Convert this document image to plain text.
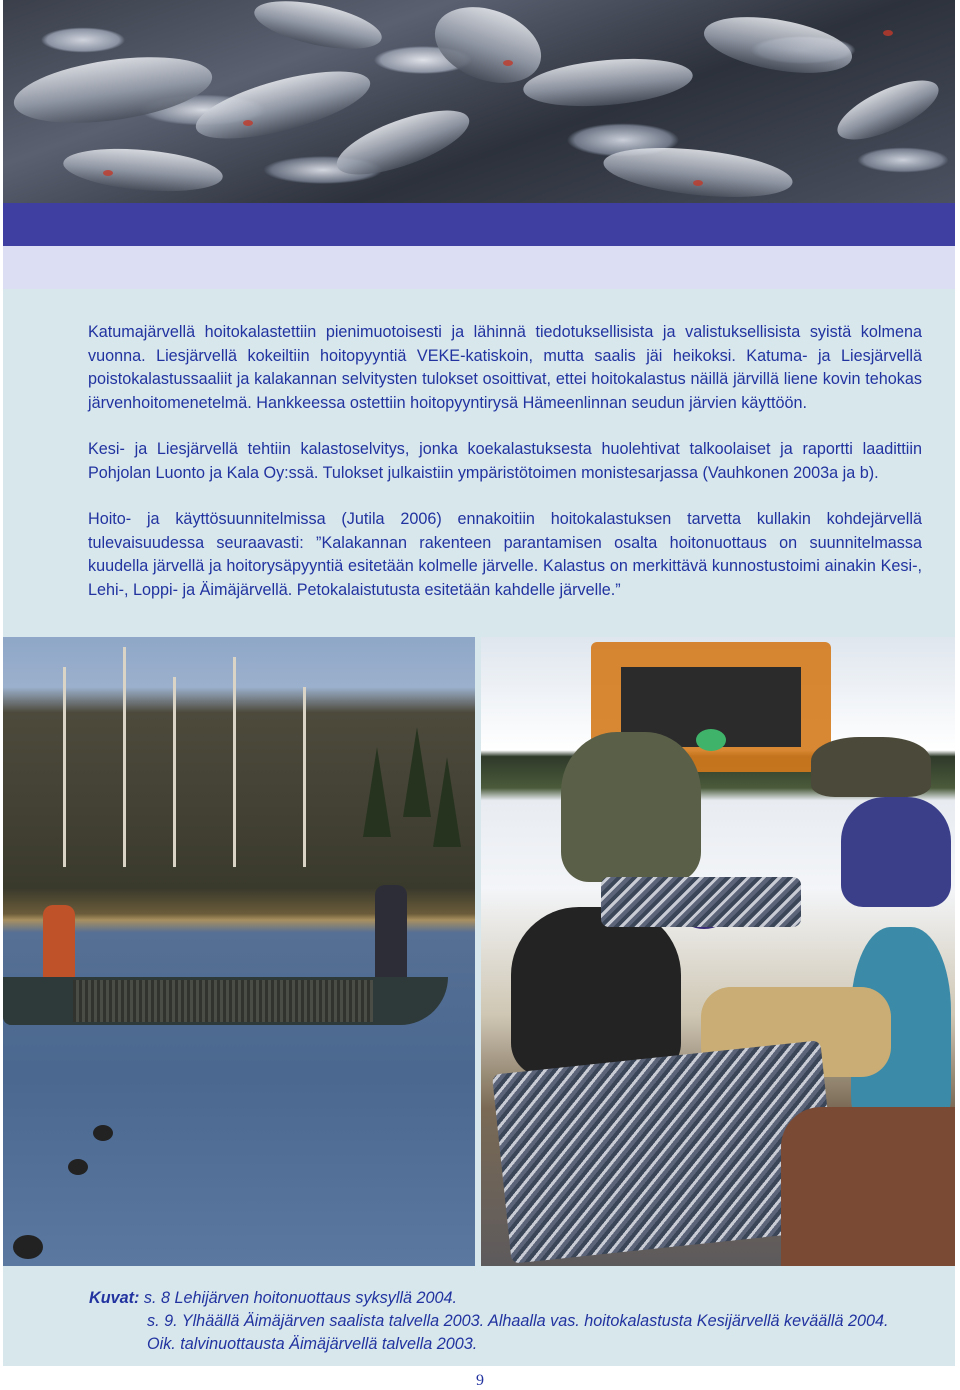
Katumajärvellä hoitokalastettiin pienimuotoisesti ja lähinnä tiedotuksellisista ja valistuksellisista syistä kolmena vuonna. Liesjärvellä kokeiltiin hoitopyyntiä VEKE-katiskoin, mutta saalis jäi heikoksi. Katuma- ja Liesjärvellä poistokalastussaaliit ja kalakannan selvitysten tulokset osoittivat, ettei hoitokalastus näillä järvillä liene kovin tehokas järvenhoitomenetelmä. Hankkeessa ostettiin hoitopyyntirysä Hämeenlinnan seudun järvien käyttöön.

Kesi- ja Liesjärvellä tehtiin kalastoselvitys, jonka koekalastuksesta huolehtivat talkoolaiset ja raportti laadittiin Pohjolan Luonto ja Kala Oy:ssä. Tulokset julkaistiin ympäristötoimen monistesarjassa (Vauhkonen 2003a ja b).

Hoito- ja käyttösuunnitelmissa (Jutila 2006) ennakoitiin hoitokalastuksen tarvetta kullakin kohdejärvellä tulevaisuudessa seuraavasti: ”Kalakannan rakenteen parantamisen osalta hoitonuottaus on suunnitelmassa kuudella järvellä ja hoitorysäpyyntiä esitetään kolmelle järvelle. Kalastus on merkittävä kunnostustoimi ainakin Kesi-, Lehi-, Loppi- ja Äimäjärvellä. Petokalaistutusta esitetään kahdelle järvelle.”

Kuvat: s. 8 Lehijärven hoitonuottaus syksyllä 2004.
s. 9. Ylhäällä Äimäjärven saalista talvella 2003. Alhaalla vas. hoitokalastusta Kesijärvellä keväällä 2004.
Oik. talvinuottausta Äimäjärvellä talvella 2003.
9
